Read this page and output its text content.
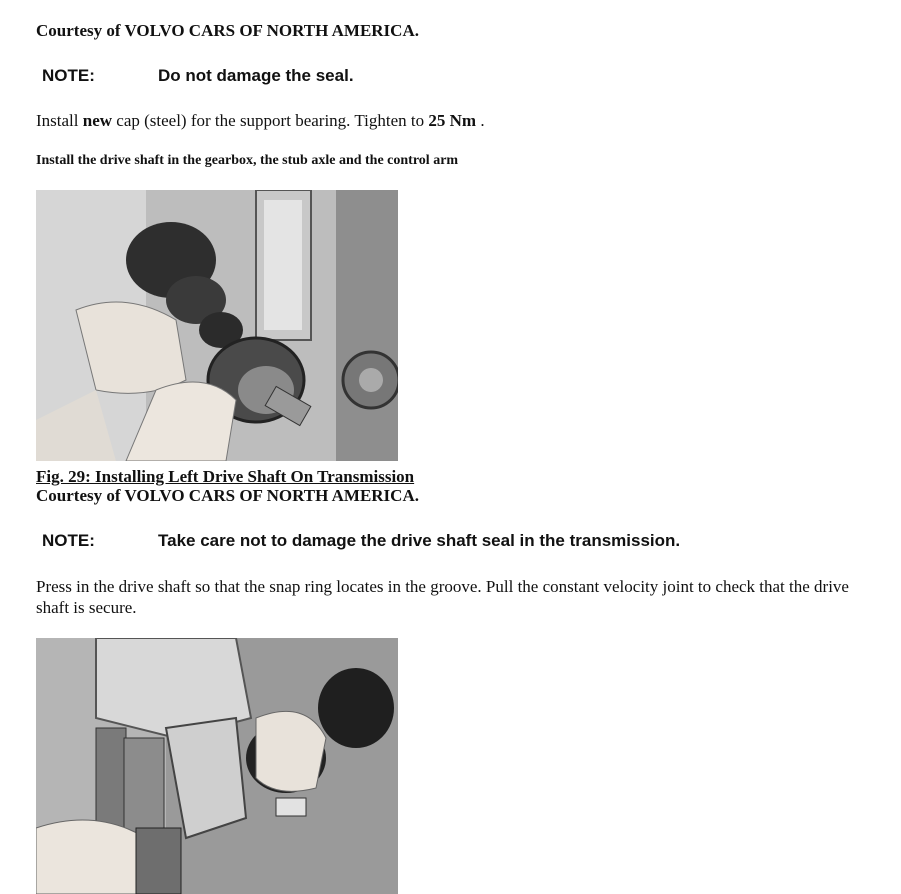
Courtesy of VOLVO CARS OF NORTH AMERICA.
NOTE:	Do not damage the seal.
Install new cap (steel) for the support bearing. Tighten to 25 Nm .
Install the drive shaft in the gearbox, the stub axle and the control arm
Fig. 29: Installing Left Drive Shaft On Transmission
Courtesy of VOLVO CARS OF NORTH AMERICA.
NOTE:	Take care not to damage the drive shaft seal in the transmission.
Press in the drive shaft so that the snap ring locates in the groove. Pull the constant velocity joint to check that the drive shaft is secure.
